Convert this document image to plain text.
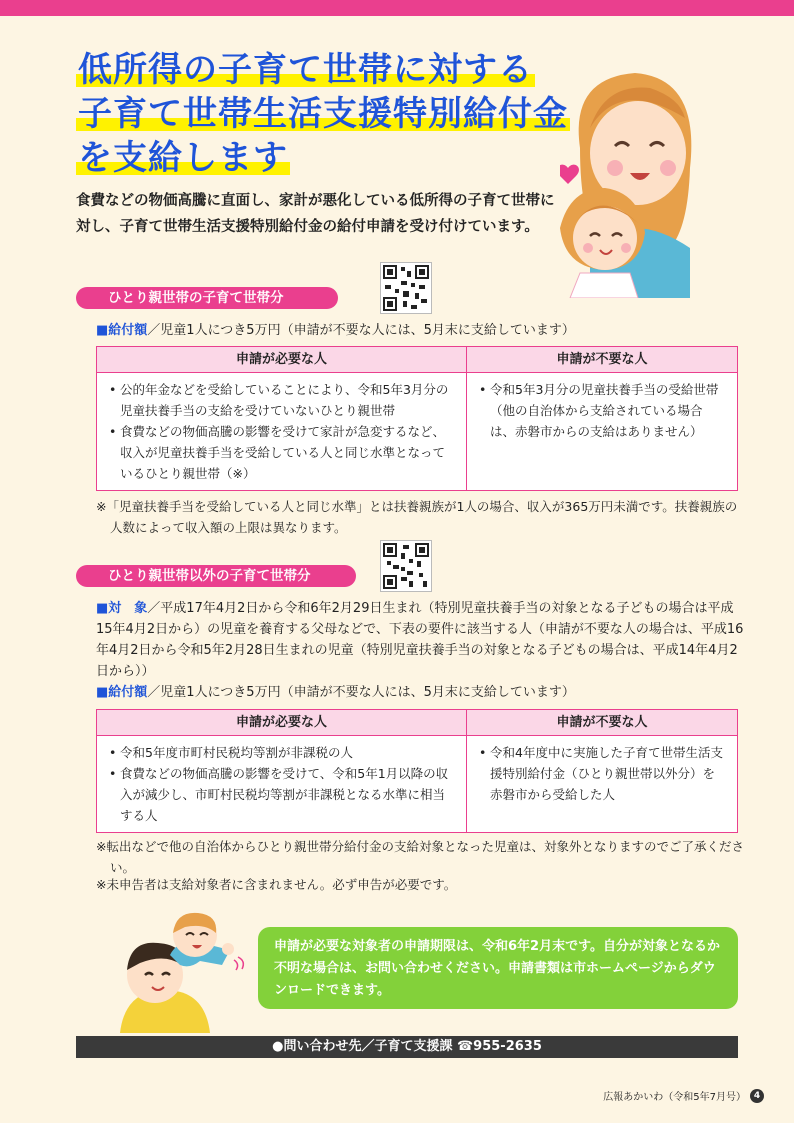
低所得の子育て世帯に対する
子育て世帯生活支援特別給付金
を支給します
食費などの物価高騰に直面し、家計が悪化している低所得の子育て世帯に対し、子育て世帯生活支援特別給付金の給付申請を受け付けています。
ひとり親世帯の子育て世帯分
■給付額／児童1人につき5万円（申請が不要な人には、5月末に支給しています）
申請が必要な人	申請が不要な人
• 公的年金などを受給していることにより、令和5年3月分の児童扶養手当の支給を受けていないひとり親世帯
• 食費などの物価高騰の影響を受けて家計が急変するなど、収入が児童扶養手当を受給している人と同じ水準となっているひとり親世帯（※）
• 令和5年3月分の児童扶養手当の受給世帯（他の自治体から支給されている場合は、赤磐市からの支給はありません）
※「児童扶養手当を受給している人と同じ水準」とは扶養親族が1人の場合、収入が365万円未満です。扶養親族の人数によって収入額の上限は異なります。
ひとり親世帯以外の子育て世帯分
■対　象／平成17年4月2日から令和6年2月29日生まれ（特別児童扶養手当の対象となる子どもの場合は平成15年4月2日から）の児童を養育する父母などで、下表の要件に該当する人（申請が不要な人の場合は、平成16年4月2日から令和5年2月28日生まれの児童（特別児童扶養手当の対象となる子どもの場合は、平成14年4月2日から））
■給付額／児童1人につき5万円（申請が不要な人には、5月末に支給しています）
申請が必要な人	申請が不要な人
• 令和5年度市町村民税均等割が非課税の人
• 食費などの物価高騰の影響を受けて、令和5年1月以降の収入が減少し、市町村民税均等割が非課税となる水準に相当する人
• 令和4年度中に実施した子育て世帯生活支援特別給付金（ひとり親世帯以外分）を赤磐市から受給した人
※転出などで他の自治体からひとり親世帯分給付金の支給対象となった児童は、対象外となりますのでご了承ください。
※未申告者は支給対象者に含まれません。必ず申告が必要です。
申請が必要な対象者の申請期限は、令和6年2月末です。自分が対象となるか不明な場合は、お問い合わせください。申請書類は市ホームページからダウンロードできます。
●問い合わせ先／子育て支援課 ☎955-2635
広報あかいわ（令和5年7月号） 4
